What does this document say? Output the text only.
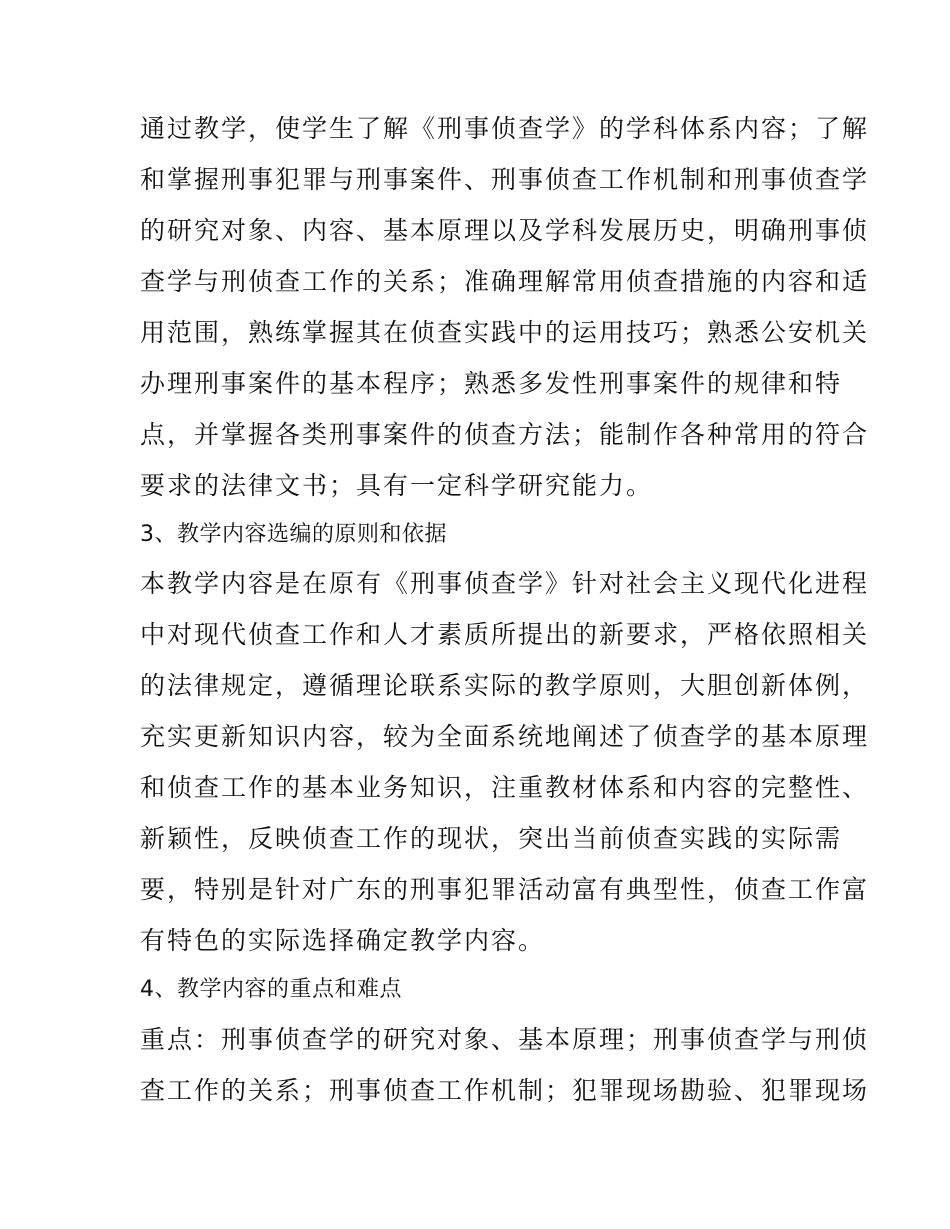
通过教学，使学生了解《刑事侦查学》的学科体系内容；了解

和掌握刑事犯罪与刑事案件、刑事侦查工作机制和刑事侦查学

的研究对象、内容、基本原理以及学科发展历史，明确刑事侦

查学与刑侦查工作的关系；准确理解常用侦查措施的内容和适

用范围，熟练掌握其在侦查实践中的运用技巧；熟悉公安机关

办理刑事案件的基本程序；熟悉多发性刑事案件的规律和特

点，并掌握各类刑事案件的侦查方法；能制作各种常用的符合

要求的法律文书；具有一定科学研究能力。

3、教学内容选编的原则和依据

本教学内容是在原有《刑事侦查学》针对社会主义现代化进程

中对现代侦查工作和人才素质所提出的新要求，严格依照相关

的法律规定，遵循理论联系实际的教学原则，大胆创新体例，

充实更新知识内容，较为全面系统地阐述了侦查学的基本原理

和侦查工作的基本业务知识，注重教材体系和内容的完整性、

新颖性，反映侦查工作的现状，突出当前侦查实践的实际需

要，特别是针对广东的刑事犯罪活动富有典型性，侦查工作富

有特色的实际选择确定教学内容。

4、教学内容的重点和难点

重点：刑事侦查学的研究对象、基本原理；刑事侦查学与刑侦

查工作的关系；刑事侦查工作机制；犯罪现场勘验、犯罪现场
